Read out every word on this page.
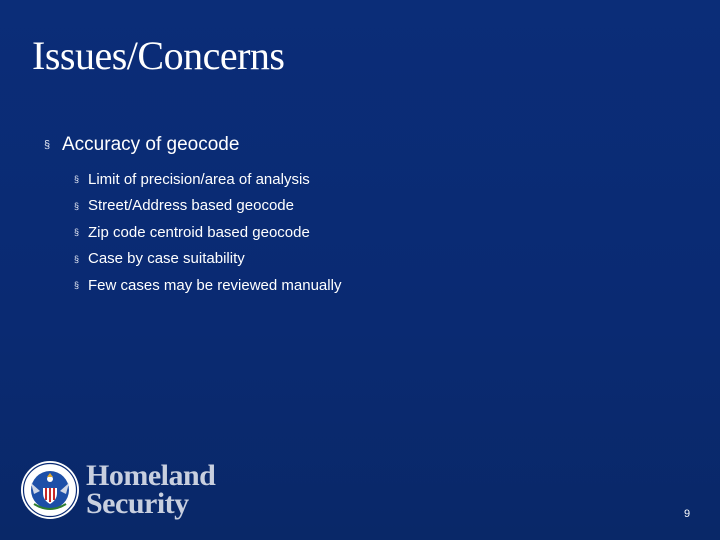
Issues/Concerns
§ Accuracy of geocode
§ Limit of precision/area of analysis
§ Street/Address based geocode
§ Zip code centroid based geocode
§ Case by case suitability
§ Few cases may be reviewed manually
Homeland
Security	9
